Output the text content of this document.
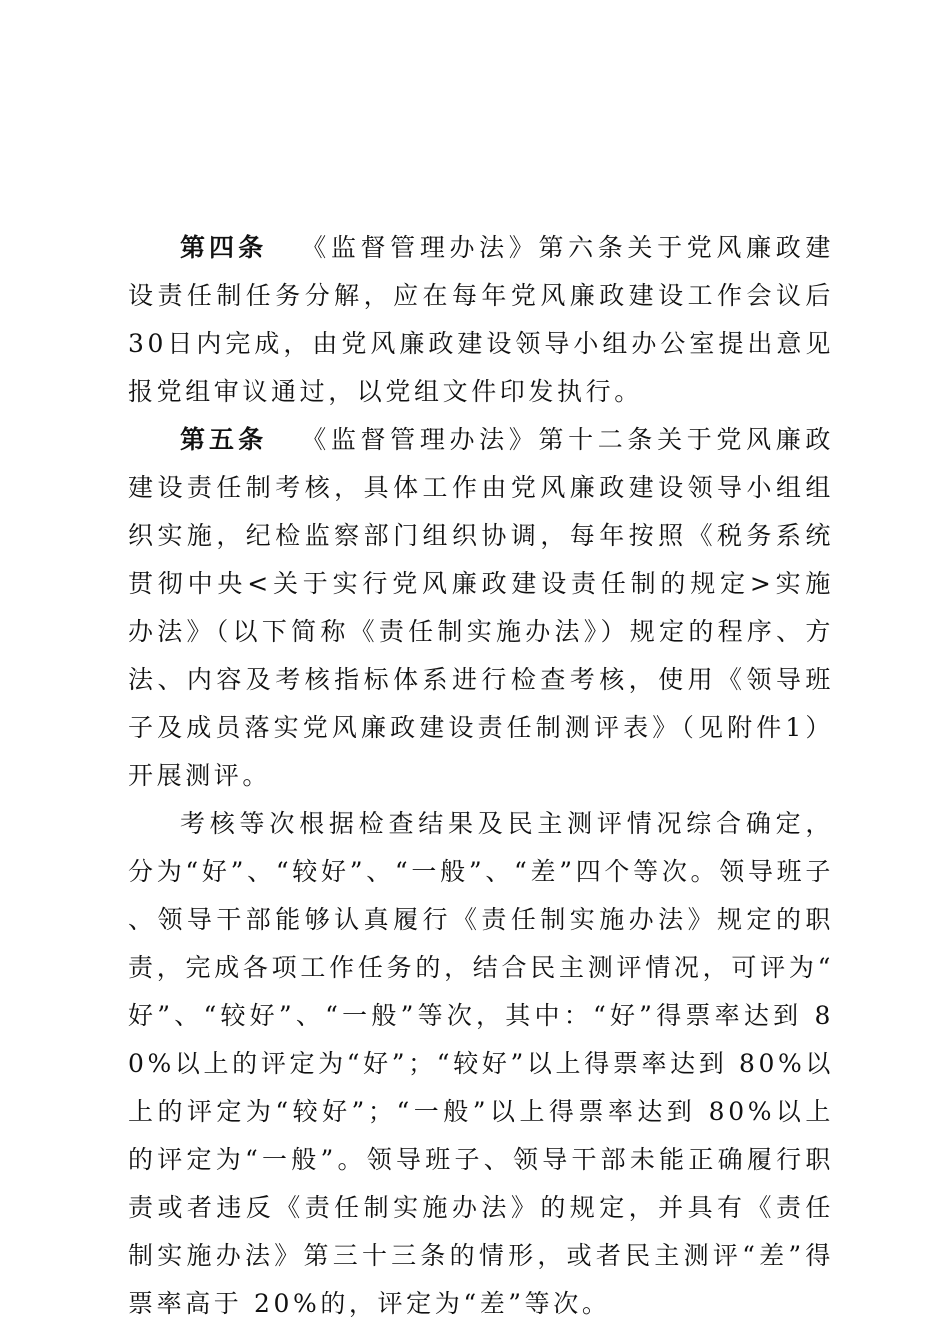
第四条 《监督管理办法》第六条关于党风廉政建设责任制任务分解，应在每年党风廉政建设工作会议后 30日内完成，由党风廉政建设领导小组办公室提出意见报党组审议通过，以党组文件印发执行。

第五条 《监督管理办法》第十二条关于党风廉政建设责任制考核，具体工作由党风廉政建设领导小组组织实施，纪检监察部门组织协调，每年按照《税务系统贯彻中央<关于实行党风廉政建设责任制的规定>实施办法》（以下简称《责任制实施办法》）规定的程序、方法、内容及考核指标体系进行检查考核，使用《领导班子及成员落实党风廉政建设责任制测评表》（见附件1）开展测评。

考核等次根据检查结果及民主测评情况综合确定，分为“好”、“较好”、“一般”、“差”四个等次。领导班子、领导干部能够认真履行《责任制实施办法》规定的职责，完成各项工作任务的，结合民主测评情况，可评为“好”、“较好”、“一般”等次，其中：“好”得票率达到 80%以上的评定为“好”；“较好”以上得票率达到 80%以上的评定为“较好”；“一般”以上得票率达到 80%以上的评定为“一般”。领导班子、领导干部未能正确履行职责或者违反《责任制实施办法》的规定，并具有《责任制实施办法》第三十三条的情形，或者民主测评“差”得票率高于 20%的，评定为“差”等次。
